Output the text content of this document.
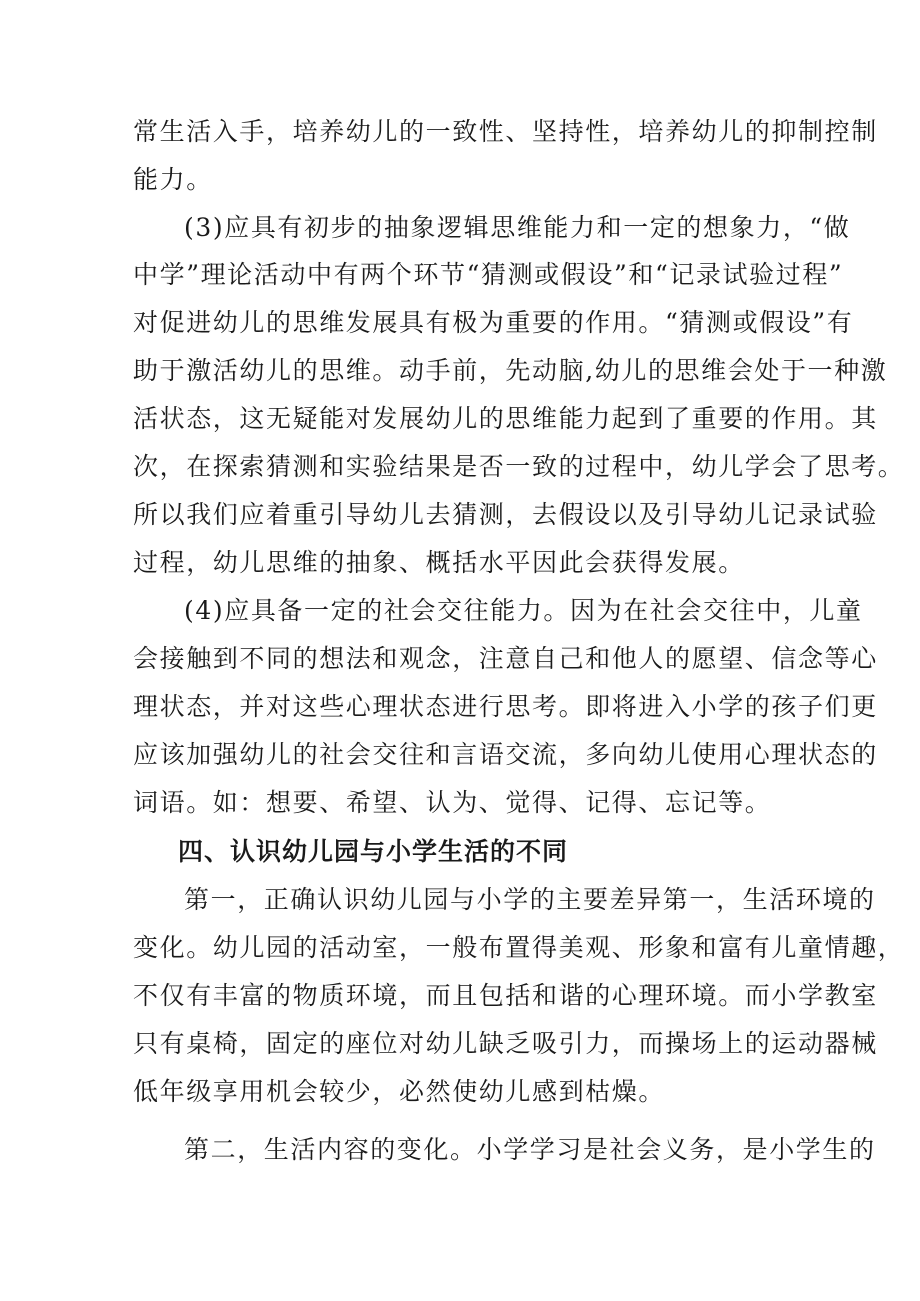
常生活入手，培养幼儿的一致性、坚持性，培养幼儿的抑制控制
能力。
(3)应具有初步的抽象逻辑思维能力和一定的想象力，“做
中学”理论活动中有两个环节“猜测或假设”和“记录试验过程”
对促进幼儿的思维发展具有极为重要的作用。“猜测或假设”有
助于激活幼儿的思维。动手前，先动脑,幼儿的思维会处于一种激
活状态，这无疑能对发展幼儿的思维能力起到了重要的作用。其
次，在探索猜测和实验结果是否一致的过程中，幼儿学会了思考。
所以我们应着重引导幼儿去猜测，去假设以及引导幼儿记录试验
过程，幼儿思维的抽象、概括水平因此会获得发展。
(4)应具备一定的社会交往能力。因为在社会交往中，儿童
会接触到不同的想法和观念，注意自己和他人的愿望、信念等心
理状态，并对这些心理状态进行思考。即将进入小学的孩子们更
应该加强幼儿的社会交往和言语交流，多向幼儿使用心理状态的
词语。如：想要、希望、认为、觉得、记得、忘记等。
四、认识幼儿园与小学生活的不同
第一，正确认识幼儿园与小学的主要差异第一，生活环境的
变化。幼儿园的活动室，一般布置得美观、形象和富有儿童情趣，
不仅有丰富的物质环境，而且包括和谐的心理环境。而小学教室
只有桌椅，固定的座位对幼儿缺乏吸引力，而操场上的运动器械
低年级享用机会较少，必然使幼儿感到枯燥。
第二，生活内容的变化。小学学习是社会义务，是小学生的
